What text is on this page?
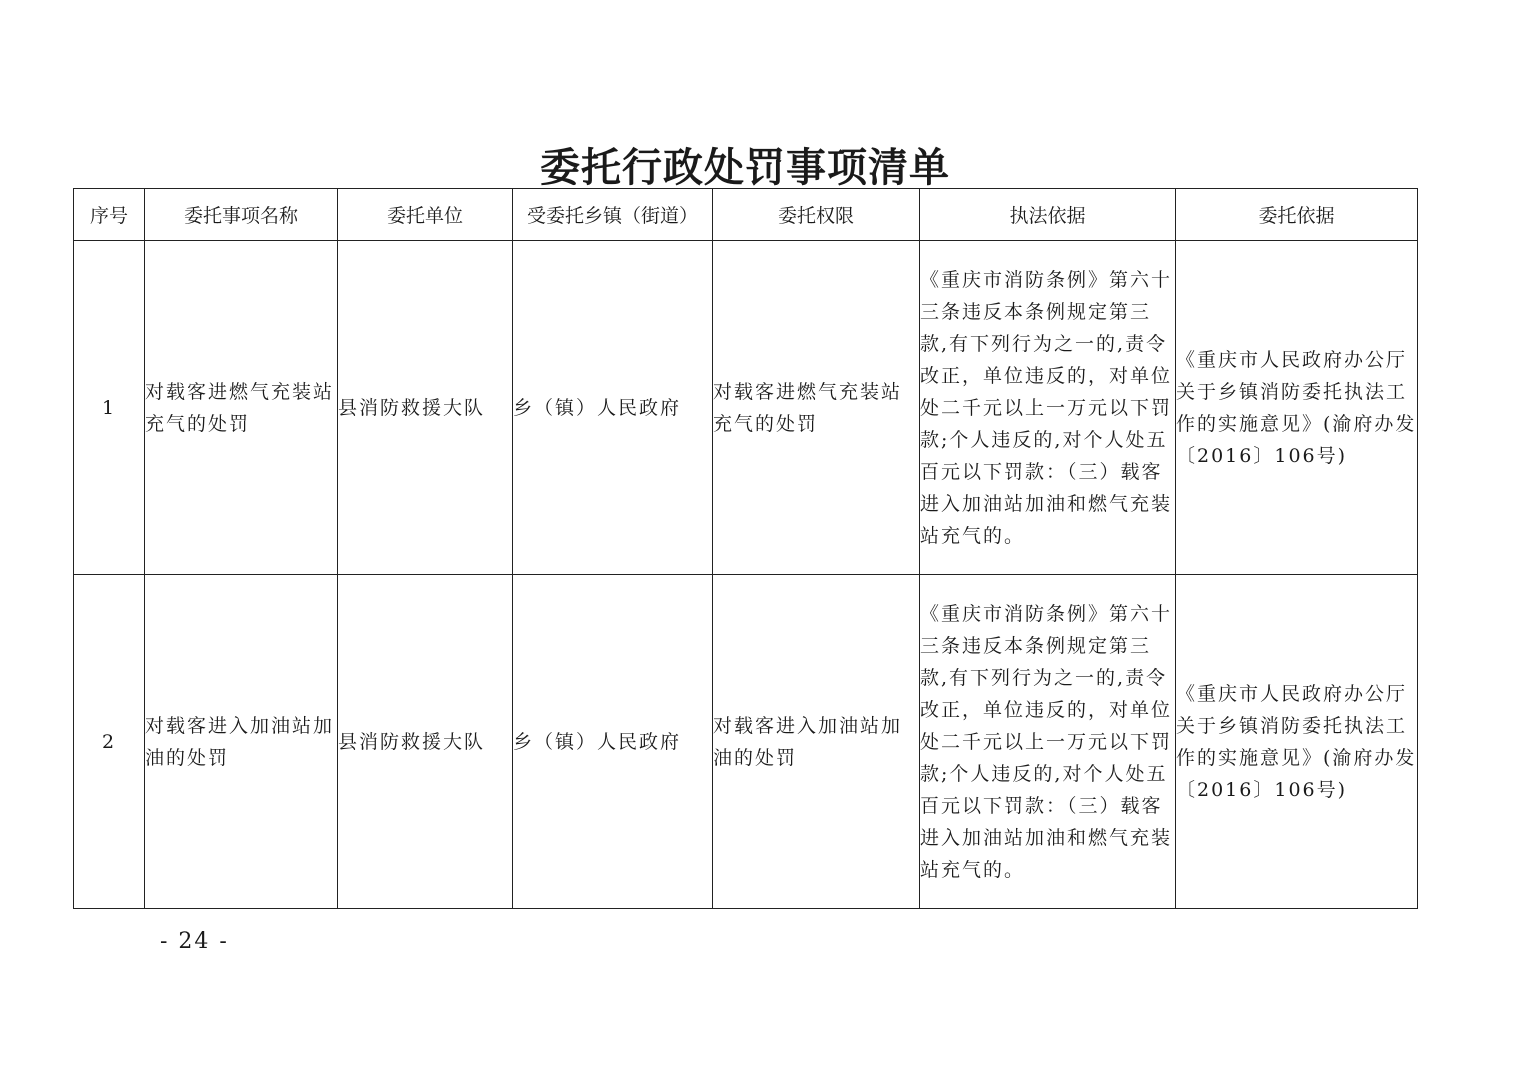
委托行政处罚事项清单
序号	委托事项名称	委托单位	受委托乡镇（街道）	委托权限	执法依据	委托依据
1	对载客进燃气充装站充气的处罚	县消防救援大队	乡（镇）人民政府	对载客进燃气充装站充气的处罚	《重庆市消防条例》第六十三条违反本条例规定第三款,有下列行为之一的,责令改正，单位违反的，对单位处二千元以上一万元以下罚款;个人违反的,对个人处五百元以下罚款：（三）载客进入加油站加油和燃气充装站充气的。	《重庆市人民政府办公厅关于乡镇消防委托执法工作的实施意见》(渝府办发〔2016〕106号)
2	对载客进入加油站加油的处罚	县消防救援大队	乡（镇）人民政府	对载客进入加油站加油的处罚	《重庆市消防条例》第六十三条违反本条例规定第三款,有下列行为之一的,责令改正，单位违反的，对单位处二千元以上一万元以下罚款;个人违反的,对个人处五百元以下罚款：（三）载客进入加油站加油和燃气充装站充气的。	《重庆市人民政府办公厅关于乡镇消防委托执法工作的实施意见》(渝府办发〔2016〕106号)
- 24 -
